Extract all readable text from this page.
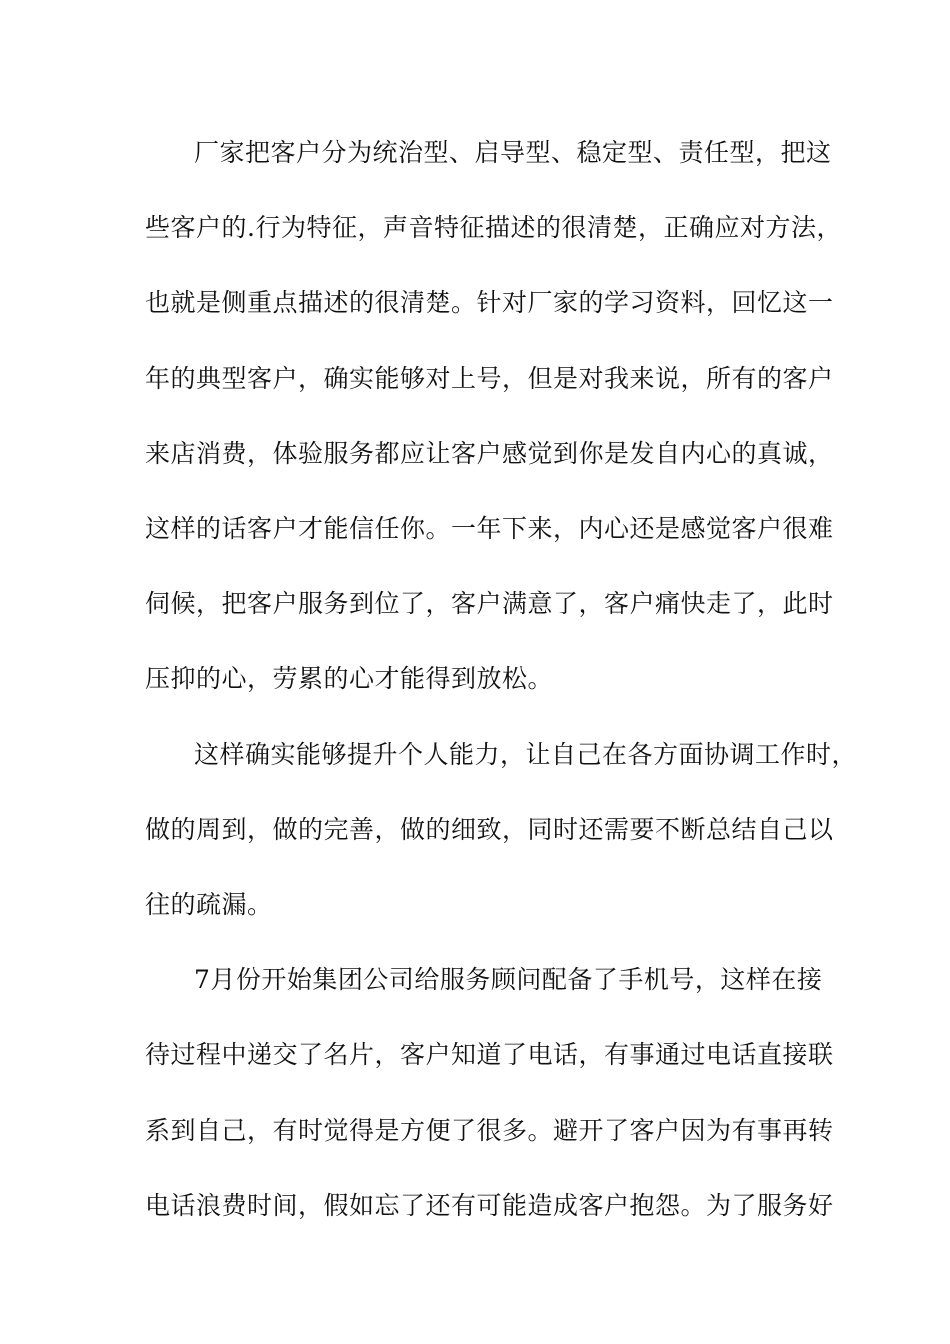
厂家把客户分为统治型、启导型、稳定型、责任型，把这
些客户的.行为特征，声音特征描述的很清楚，正确应对方法，
也就是侧重点描述的很清楚。针对厂家的学习资料，回忆这一
年的典型客户，确实能够对上号，但是对我来说，所有的客户
来店消费，体验服务都应让客户感觉到你是发自内心的真诚，
这样的话客户才能信任你。一年下来，内心还是感觉客户很难
伺候，把客户服务到位了，客户满意了，客户痛快走了，此时
压抑的心，劳累的心才能得到放松。
这样确实能够提升个人能力，让自己在各方面协调工作时，
做的周到，做的完善，做的细致，同时还需要不断总结自己以
往的疏漏。
7月份开始集团公司给服务顾问配备了手机号，这样在接
待过程中递交了名片，客户知道了电话，有事通过电话直接联
系到自己，有时觉得是方便了很多。避开了客户因为有事再转
电话浪费时间，假如忘了还有可能造成客户抱怨。为了服务好
